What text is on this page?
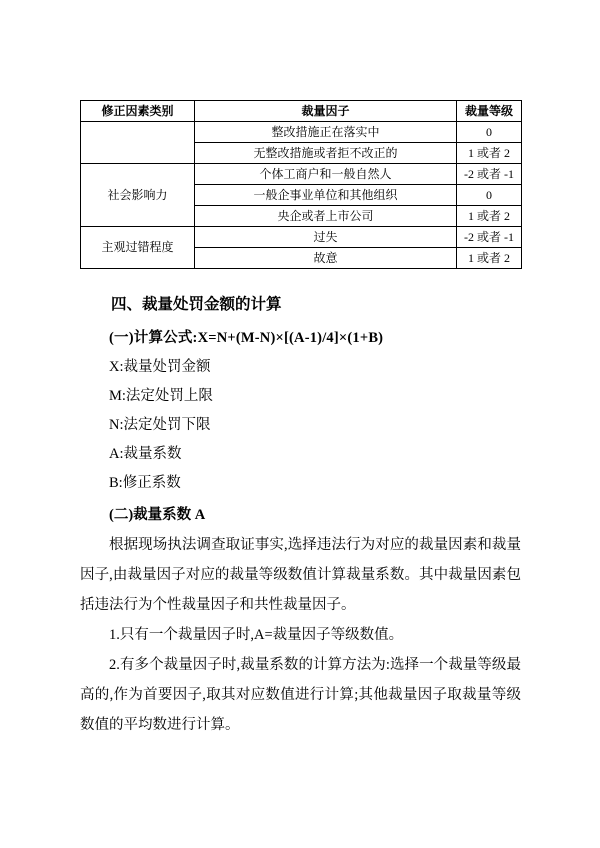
修正因素类别	裁量因子	裁量等级
	整改措施正在落实中	0
	无整改措施或者拒不改正的	1 或者 2
社会影响力	个体工商户和一般自然人	-2 或者 -1
	一般企事业单位和其他组织	0
	央企或者上市公司	1 或者 2
主观过错程度	过失	-2 或者 -1
	故意	1 或者 2
四、裁量处罚金额的计算
(一)计算公式:X=N+(M-N)×[(A-1)/4]×(1+B)
X:裁量处罚金额
M:法定处罚上限
N:法定处罚下限
A:裁量系数
B:修正系数
(二)裁量系数 A

根据现场执法调查取证事实,选择违法行为对应的裁量因素和裁量因子,由裁量因子对应的裁量等级数值计算裁量系数。其中裁量因素包括违法行为个性裁量因子和共性裁量因子。

1.只有一个裁量因子时,A=裁量因子等级数值。

2.有多个裁量因子时,裁量系数的计算方法为:选择一个裁量等级最高的,作为首要因子,取其对应数值进行计算;其他裁量因子取裁量等级数值的平均数进行计算。
